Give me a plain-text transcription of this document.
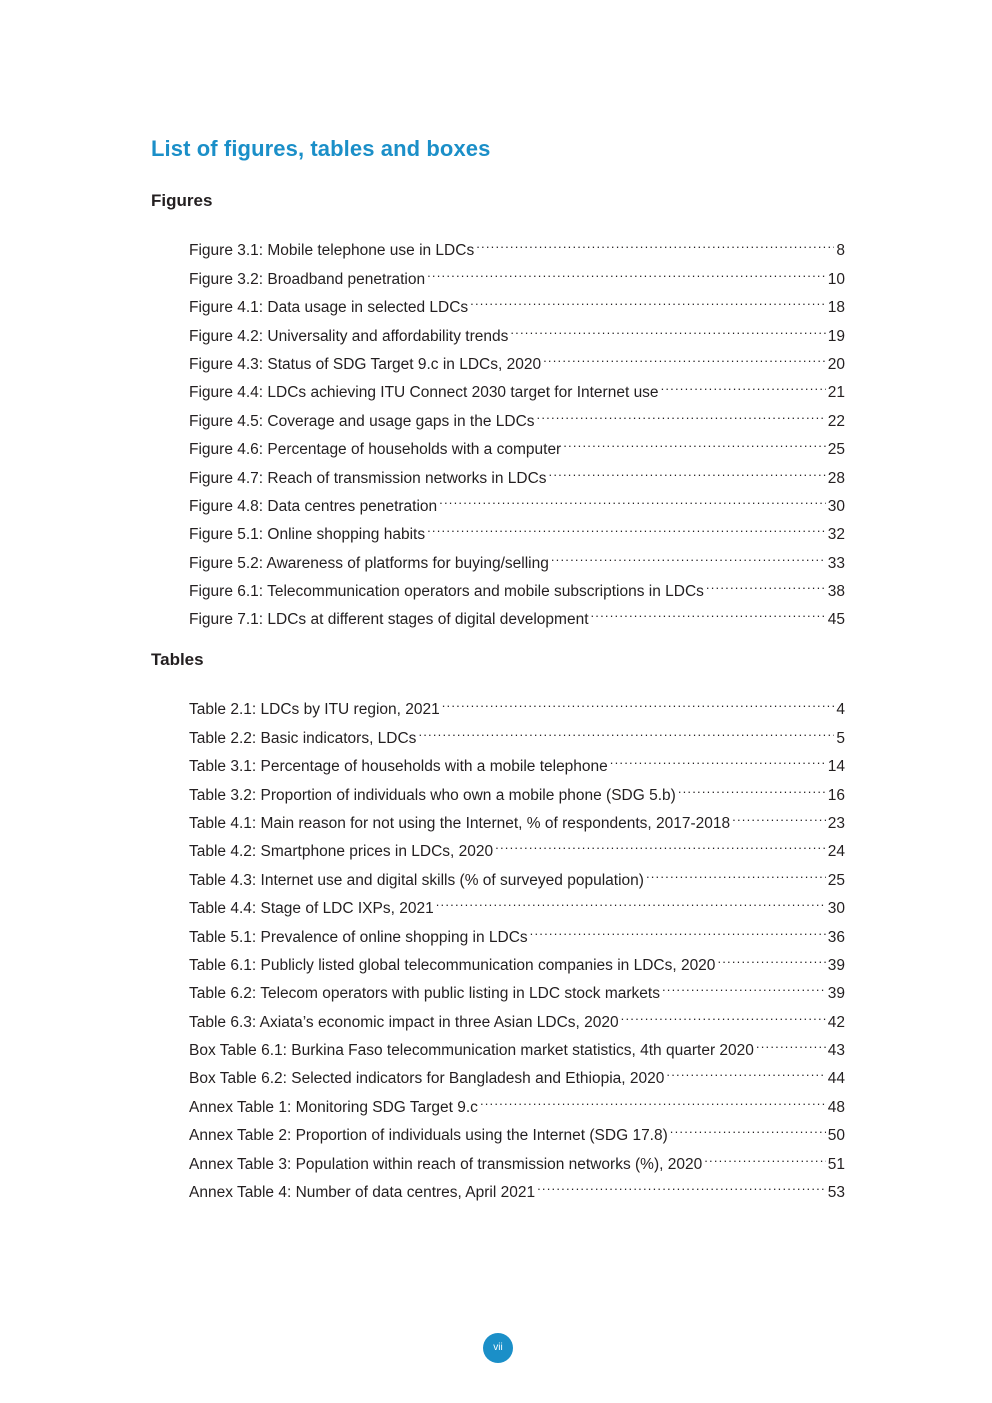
List of figures, tables and boxes
Figures
Figure 3.1: Mobile telephone use in LDCs .....	8
Figure 3.2: Broadband penetration .....	10
Figure 4.1: Data usage in selected LDCs .....	18
Figure 4.2: Universality and affordability trends .....	19
Figure 4.3: Status of SDG Target 9.c in LDCs, 2020 .....	20
Figure 4.4: LDCs achieving ITU Connect 2030 target for Internet use .....	21
Figure 4.5: Coverage and usage gaps in the LDCs .....	22
Figure 4.6: Percentage of households with a computer .....	25
Figure 4.7: Reach of transmission networks in LDCs .....	28
Figure 4.8: Data centres penetration .....	30
Figure 5.1: Online shopping habits .....	32
Figure 5.2: Awareness of platforms for buying/selling .....	33
Figure 6.1: Telecommunication operators and mobile subscriptions in LDCs .....	38
Figure 7.1: LDCs at different stages of digital development .....	45
Tables
Table 2.1: LDCs by ITU region, 2021 .....	4
Table 2.2: Basic indicators, LDCs .....	5
Table 3.1: Percentage of households with a mobile telephone .....	14
Table 3.2: Proportion of individuals who own a mobile phone (SDG 5.b) .....	16
Table 4.1: Main reason for not using the Internet, % of respondents, 2017-2018 .....	23
Table 4.2: Smartphone prices in LDCs, 2020 .....	24
Table 4.3: Internet use and digital skills (% of surveyed population) .....	25
Table 4.4: Stage of LDC IXPs, 2021 .....	30
Table 5.1: Prevalence of online shopping in LDCs .....	36
Table 6.1: Publicly listed global telecommunication companies in LDCs, 2020 .....	39
Table 6.2: Telecom operators with public listing in LDC stock markets .....	39
Table 6.3: Axiata’s economic impact in three Asian LDCs, 2020 .....	42
Box Table 6.1: Burkina Faso telecommunication market statistics, 4th quarter 2020 .....	43
Box Table 6.2: Selected indicators for Bangladesh and Ethiopia, 2020 .....	44
Annex Table 1: Monitoring SDG Target 9.c .....	48
Annex Table 2: Proportion of individuals using the Internet (SDG 17.8) .....	50
Annex Table 3: Population within reach of transmission networks (%), 2020 .....	51
Annex Table 4: Number of data centres, April 2021 .....	53
vii
